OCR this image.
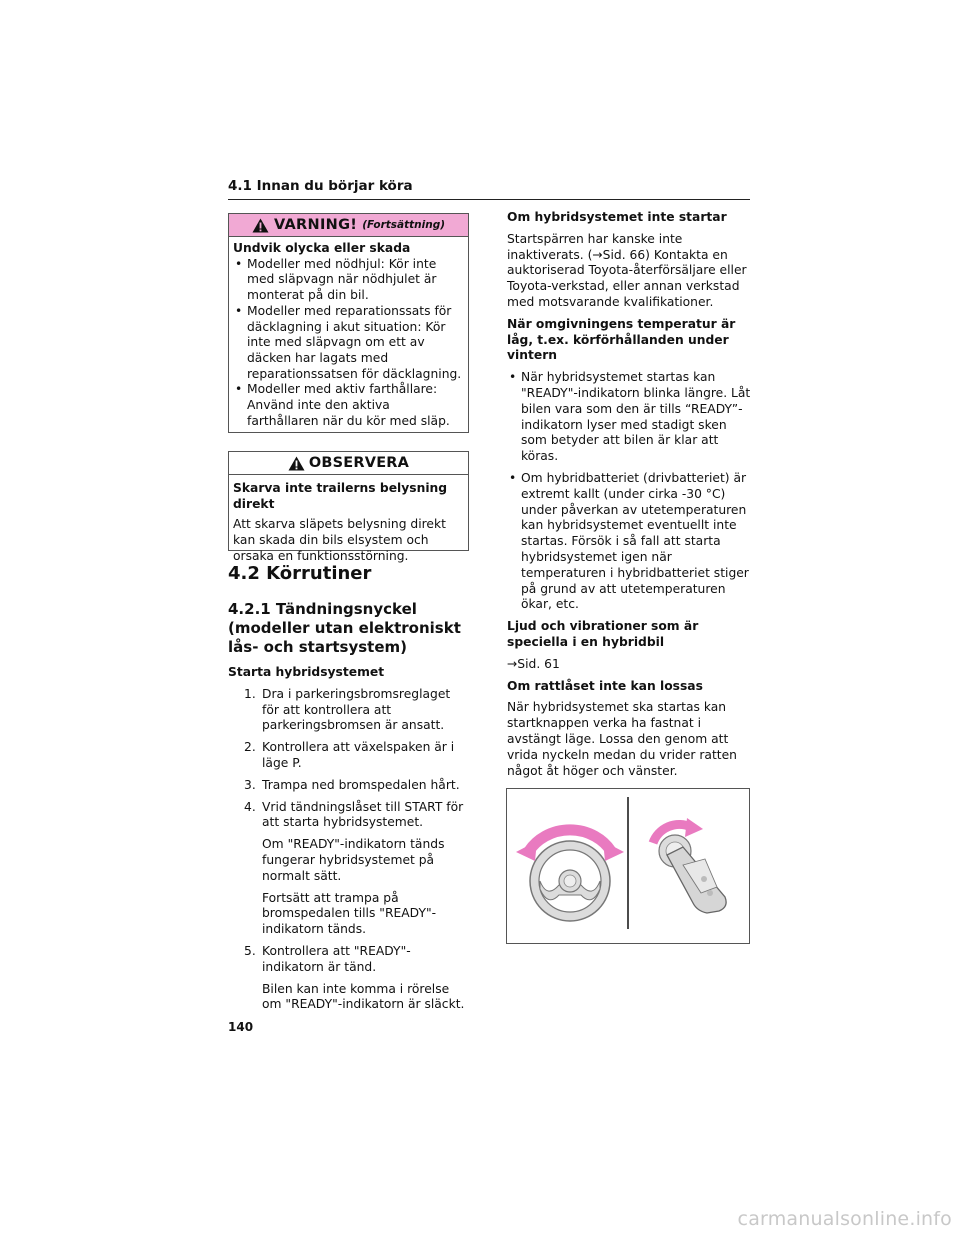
4.1 Innan du börjar köra
VARNING! (Fortsättning)
Undvik olycka eller skada
• Modeller med nödhjul: Kör inte med släpvagn när nödhjulet är monterat på din bil.
• Modeller med reparationssats för däcklagning i akut situation: Kör inte med släpvagn om ett av däcken har lagats med reparationssatsen för däcklagning.
• Modeller med aktiv farthållare: Använd inte den aktiva farthållaren när du kör med släp.
OBSERVERA
Skarva inte trailerns belysning direkt
Att skarva släpets belysning direkt kan skada din bils elsystem och orsaka en funktionsstörning.
4.2 Körrutiner
4.2.1 Tändningsnyckel (modeller utan elektroniskt lås- och startsystem)
Starta hybridsystemet
1. Dra i parkeringsbromsreglaget för att kontrollera att parkeringsbromsen är ansatt.
2. Kontrollera att växelspaken är i läge P.
3. Trampa ned bromspedalen hårt.
4. Vrid tändningslåset till START för att starta hybridsystemet.
Om "READY"-indikatorn tänds fungerar hybridsystemet på normalt sätt.
Fortsätt att trampa på bromspedalen tills "READY"-indikatorn tänds.
5. Kontrollera att "READY"-indikatorn är tänd.
Bilen kan inte komma i rörelse om "READY"-indikatorn är släckt.
Om hybridsystemet inte startar
Startspärren har kanske inte inaktiverats. (→Sid. 66) Kontakta en auktoriserad Toyota-återförsäljare eller Toyota-verkstad, eller annan verkstad med motsvarande kvalifikationer.
När omgivningens temperatur är låg, t.ex. körförhållanden under vintern
• När hybridsystemet startas kan "READY"-indikatorn blinka längre. Låt bilen vara som den är tills “READY”-indikatorn lyser med stadigt sken som betyder att bilen är klar att köras.
• Om hybridbatteriet (drivbatteriet) är extremt kallt (under cirka -30 °C) under påverkan av utetemperaturen kan hybridsystemet eventuellt inte startas. Försök i så fall att starta hybridsystemet igen när temperaturen i hybridbatteriet stiger på grund av att utetemperaturen ökar, etc.
Ljud och vibrationer som är speciella i en hybridbil
→Sid. 61
Om rattlåset inte kan lossas
När hybridsystemet ska startas kan startknappen verka ha fastnat i avstängt läge. Lossa den genom att vrida nyckeln medan du vrider ratten något åt höger och vänster.
140
carmanualsonline.info
